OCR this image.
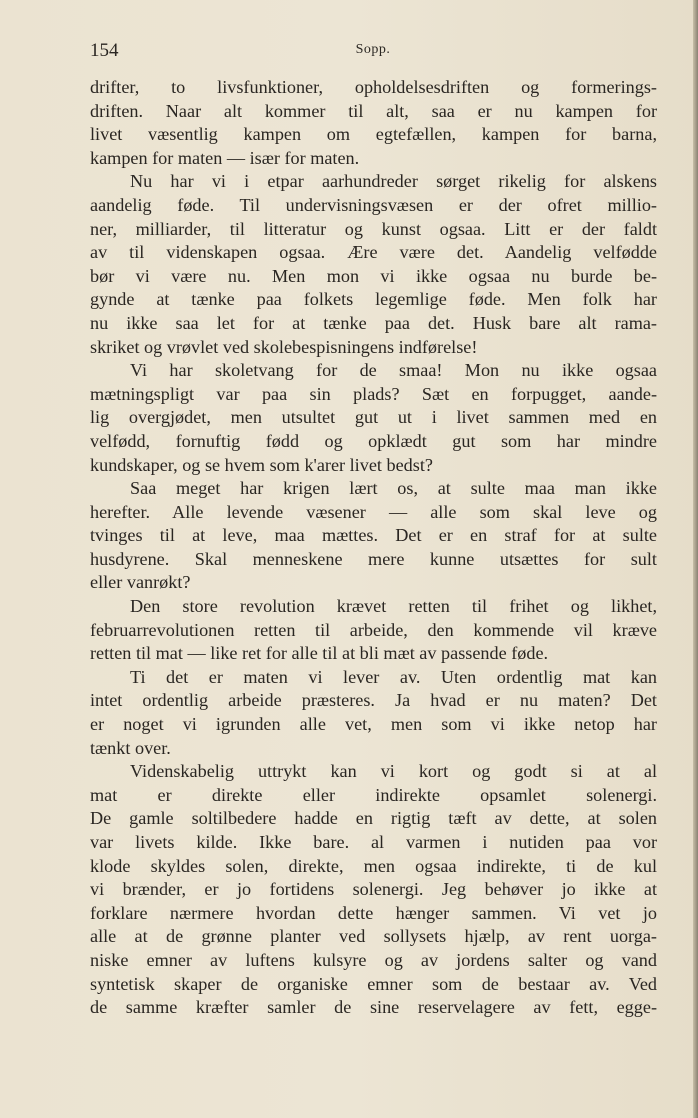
154	Sopp.
drifter, to livsfunktioner, opholdelsesdriften og formerings-
driften. Naar alt kommer til alt, saa er nu kampen for
livet væsentlig kampen om egtefællen, kampen for barna,
kampen for maten — især for maten.
Nu har vi i etpar aarhundreder sørget rikelig for alskens
aandelig føde. Til undervisningsvæsen er der ofret millio-
ner, milliarder, til litteratur og kunst ogsaa. Litt er der faldt
av til videnskapen ogsaa. Ære være det. Aandelig velfødde
bør vi være nu. Men mon vi ikke ogsaa nu burde be-
gynde at tænke paa folkets legemlige føde. Men folk har
nu ikke saa let for at tænke paa det. Husk bare alt rama-
skriket og vrøvlet ved skolebespisningens indførelse!
Vi har skoletvang for de smaa! Mon nu ikke ogsaa
mætningspligt var paa sin plads? Sæt en forpugget, aande-
lig overgjødet, men utsultet gut ut i livet sammen med en
velfødd, fornuftig fødd og opklædt gut som har mindre
kundskaper, og se hvem som k'arer livet bedst?
Saa meget har krigen lært os, at sulte maa man ikke
herefter. Alle levende væsener — alle som skal leve og
tvinges til at leve, maa mættes. Det er en straf for at sulte
husdyrene. Skal menneskene mere kunne utsættes for sult
eller vanrøkt?
Den store revolution krævet retten til frihet og likhet,
februarrevolutionen retten til arbeide, den kommende vil kræve
retten til mat — like ret for alle til at bli mæt av passende føde.
Ti det er maten vi lever av. Uten ordentlig mat kan
intet ordentlig arbeide præsteres. Ja hvad er nu maten? Det
er noget vi igrunden alle vet, men som vi ikke netop har
tænkt over.
Videnskabelig uttrykt kan vi kort og godt si at al
mat er direkte eller indirekte opsamlet solenergi.
De gamle soltilbedere hadde en rigtig tæft av dette, at solen
var livets kilde. Ikke bare. al varmen i nutiden paa vor
klode skyldes solen, direkte, men ogsaa indirekte, ti de kul
vi brænder, er jo fortidens solenergi. Jeg behøver jo ikke at
forklare nærmere hvordan dette hænger sammen. Vi vet jo
alle at de grønne planter ved sollysets hjælp, av rent uorga-
niske emner av luftens kulsyre og av jordens salter og vand
syntetisk skaper de organiske emner som de bestaar av. Ved
de samme kræfter samler de sine reservelagere av fett, egge-
